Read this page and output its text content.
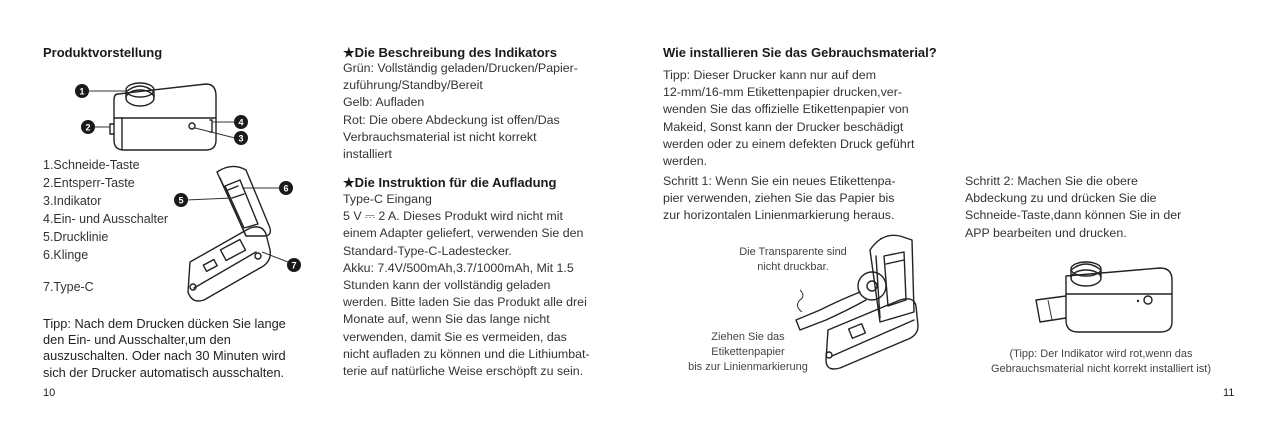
Produktvorstellung
1
2
3
4
5
6
7
1.Schneide-Taste
2.Entsperr-Taste
3.Indikator
4.Ein- und Ausschalter
5.Drucklinie
6.Klinge
7.Type-C
Tipp: Nach dem Drucken dücken Sie lange
den Ein- und Ausschalter,um den
auszuschalten. Oder nach 30 Minuten wird
sich der Drucker automatisch ausschalten.
10
★Die Beschreibung des Indikators

Grün: Vollständig geladen/Drucken/Papier-

zuführung/Standby/Bereit

Gelb: Aufladen

Rot: Die obere Abdeckung ist offen/Das

Verbrauchsmaterial ist nicht korrekt

installiert

★Die Instruktion für die Aufladung

Type-C Eingang

5 V ⎓ 2 A. Dieses Produkt wird nicht mit

einem Adapter geliefert, verwenden Sie den

Standard-Type-C-Ladestecker.

Akku: 7.4V/500mAh,3.7/1000mAh, Mit 1.5

Stunden kann der vollständig geladen

werden. Bitte laden Sie das Produkt alle drei

Monate auf, wenn Sie das lange nicht

verwenden, damit Sie es vermeiden, das

nicht aufladen zu können und die Lithiumbat-

terie auf natürliche Weise erschöpft zu sein.

Wie installieren Sie das Gebrauchsmaterial?

Tipp: Dieser Drucker kann nur auf dem

12-mm/16-mm Etikettenpapier drucken,ver-

wenden Sie das offizielle Etikettenpapier von

Makeid, Sonst kann der Drucker beschädigt

werden oder zu einem defekten Druck geführt

werden.

Schritt 1: Wenn Sie ein neues Etikettenpa-

pier verwenden, ziehen Sie das Papier bis

zur horizontalen Linienmarkierung heraus.

Schritt 2: Machen Sie die obere

Abdeckung zu und drücken Sie die

Schneide-Taste,dann können Sie in der

APP bearbeiten und drucken.

Die Transparente sind
nicht druckbar.
Ziehen Sie das
Etikettenpapier
bis zur Linienmarkierung
(Tipp: Der Indikator wird rot,wenn das
Gebrauchsmaterial nicht korrekt installiert ist)
11
